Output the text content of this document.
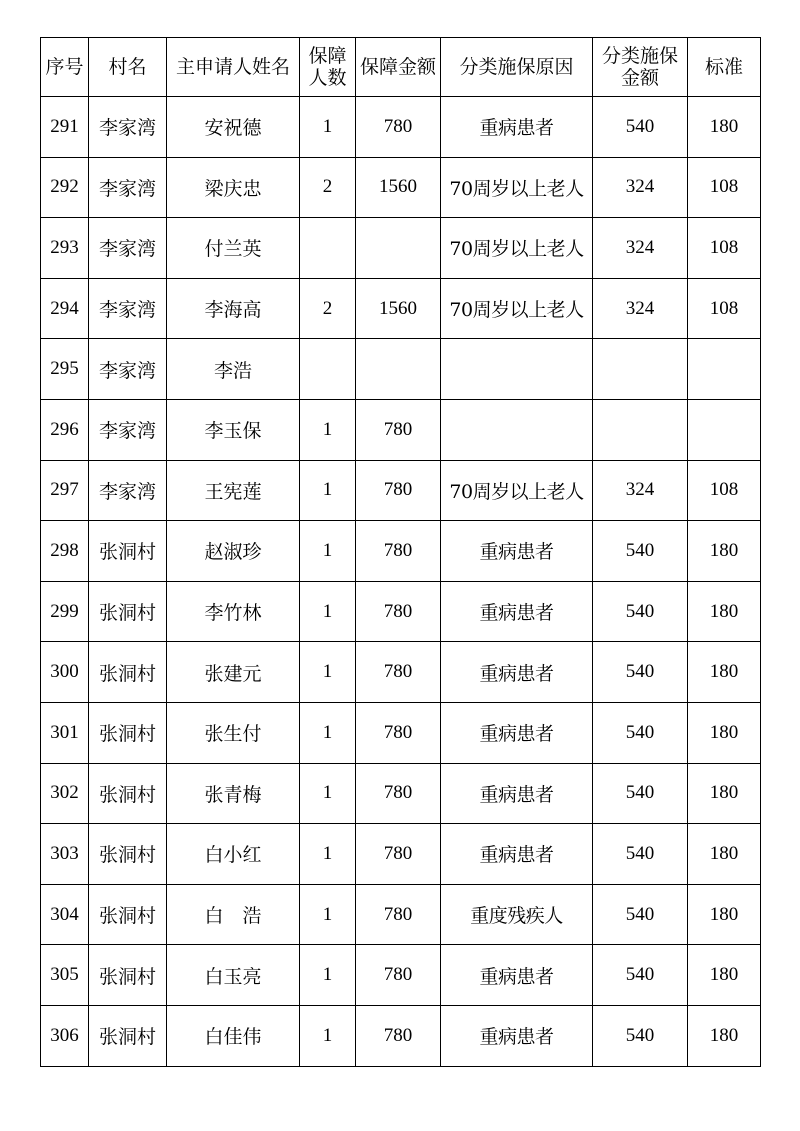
序号	村名	主申请人姓名	保障人数	保障金额	分类施保原因	分类施保金额	标准
291	李家湾	安祝德	1	780	重病患者	540	180
292	李家湾	梁庆忠	2	1560	70周岁以上老人	324	108
293	李家湾	付兰英			70周岁以上老人	324	108
294	李家湾	李海高	2	1560	70周岁以上老人	324	108
295	李家湾	李浩					
296	李家湾	李玉保	1	780			
297	李家湾	王宪莲	1	780	70周岁以上老人	324	108
298	张洞村	赵淑珍	1	780	重病患者	540	180
299	张洞村	李竹林	1	780	重病患者	540	180
300	张洞村	张建元	1	780	重病患者	540	180
301	张洞村	张生付	1	780	重病患者	540	180
302	张洞村	张青梅	1	780	重病患者	540	180
303	张洞村	白小红	1	780	重病患者	540	180
304	张洞村	白　浩	1	780	重度残疾人	540	180
305	张洞村	白玉亮	1	780	重病患者	540	180
306	张洞村	白佳伟	1	780	重病患者	540	180
